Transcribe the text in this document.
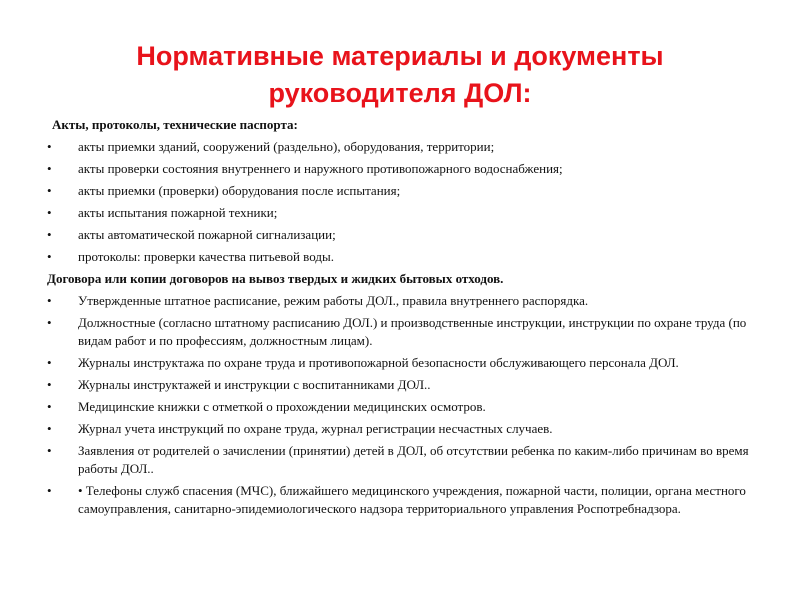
Нормативные материалы и документы
руководителя ДОЛ:
Акты, протоколы, технические паспорта:
•	акты приемки зданий, сооружений (раздельно), оборудования, территории;
•	акты проверки состояния внутреннего и наружного противопожарного водоснабжения;
•	акты приемки (проверки) оборудования после испытания;
•	акты испытания пожарной техники;
•	акты автоматической пожарной сигнализации;
•	протоколы: проверки качества питьевой воды.
Договора или копии договоров на вывоз твердых и жидких бытовых отходов.
•	Утвержденные штатное расписание, режим работы ДОЛ., правила внутреннего распорядка.
•	Должностные (согласно штатному расписанию ДОЛ.) и производственные инструкции, инструкции по охране труда (по видам работ и по профессиям, должностным лицам).
•	Журналы инструктажа по охране труда и противопожарной безопасности обслуживающего персонала ДОЛ.
•	Журналы инструктажей и инструкции с воспитанниками ДОЛ..
•	Медицинские книжки с отметкой о прохождении медицинских осмотров.
•	Журнал учета инструкций по охране труда, журнал регистрации несчастных случаев.
•	Заявления от родителей о зачислении (принятии) детей в ДОЛ, об отсутствии ребенка по каким-либо причинам во время работы ДОЛ..
•	• Телефоны служб спасения (МЧС), ближайшего медицинского учреждения, пожарной части, полиции, органа местного самоуправления, санитарно-эпидемиологического надзора территориального управления Роспотребнадзора.
